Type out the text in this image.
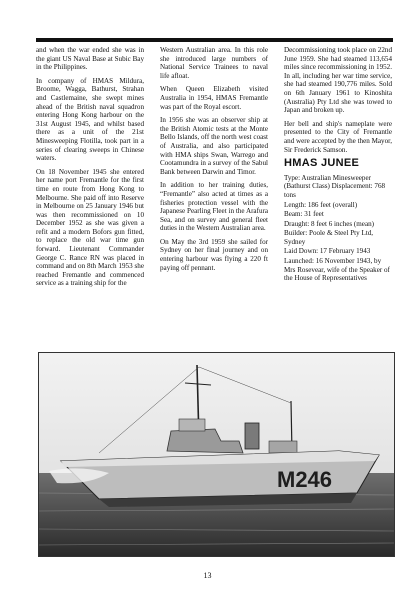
and when the war ended she was in the giant US Naval Base at Subic Bay in the Philippines.

In company of HMAS Mildura, Broome, Wagga, Bathurst, Strahan and Castlemaine, she swept mines ahead of the British naval squadron entering Hong Kong harbour on the 31st August 1945, and whilst based there as a unit of the 21st Minesweeping Flotilla, took part in a series of clearing sweeps in Chinese waters.

On 18 November 1945 she entered her name port Fremantle for the first time en route from Hong Kong to Melbourne. She paid off into Reserve in Melbourne on 25 January 1946 but was then recommissioned on 10 December 1952 as she was given a refit and a modern Bofors gun fitted, to replace the old war time gun forward. Lieutenant Commander George C. Rance RN was placed in command and on 8th March 1953 she reached Fremantle and commenced service as a training ship for the

Western Australian area. In this role she introduced large numbers of National Service Trainees to naval life afloat.

When Queen Elizabeth visited Australia in 1954, HMAS Fremantle was part of the Royal escort.

In 1956 she was an observer ship at the British Atomic tests at the Monte Bello Islands, off the north west coast of Australia, and also participated with HMA ships Swan, Warrego and Cootamundra in a survey of the Sabul Bank between Darwin and Timor.

In addition to her training duties, “Fremantle” also acted at times as a fisheries protection vessel with the Japanese Pearling Fleet in the Arafura Sea, and on survey and general fleet duties in the Western Australian area.

On May the 3rd 1959 she sailed for Sydney on her final journey and on entering harbour was flying a 220 ft paying off pennant.

Decommissioning took place on 22nd June 1959. She had steamed 113,654 miles since recommissioning in 1952. In all, including her war time service, she had steamed 190,776 miles. Sold on 6th January 1961 to Kinoshita (Australia) Pty Ltd she was towed to Japan and broken up.

Her bell and ship's nameplate were presented to the City of Fremantle and were accepted by the then Mayor, Sir Frederick Samson.

HMAS JUNEE

Type: Australian Minesweeper (Bathurst Class) Displacement: 768 tons

Length: 186 feet (overall)

Beam: 31 feet

Draught: 8 feet 6 inches (mean)

Builder: Poole & Steel Pty Ltd, Sydney

Laid Down: 17 February 1943

Launched: 16 November 1943, by Mrs Rosevear, wife of the Speaker of the House of Representatives

M246
13
